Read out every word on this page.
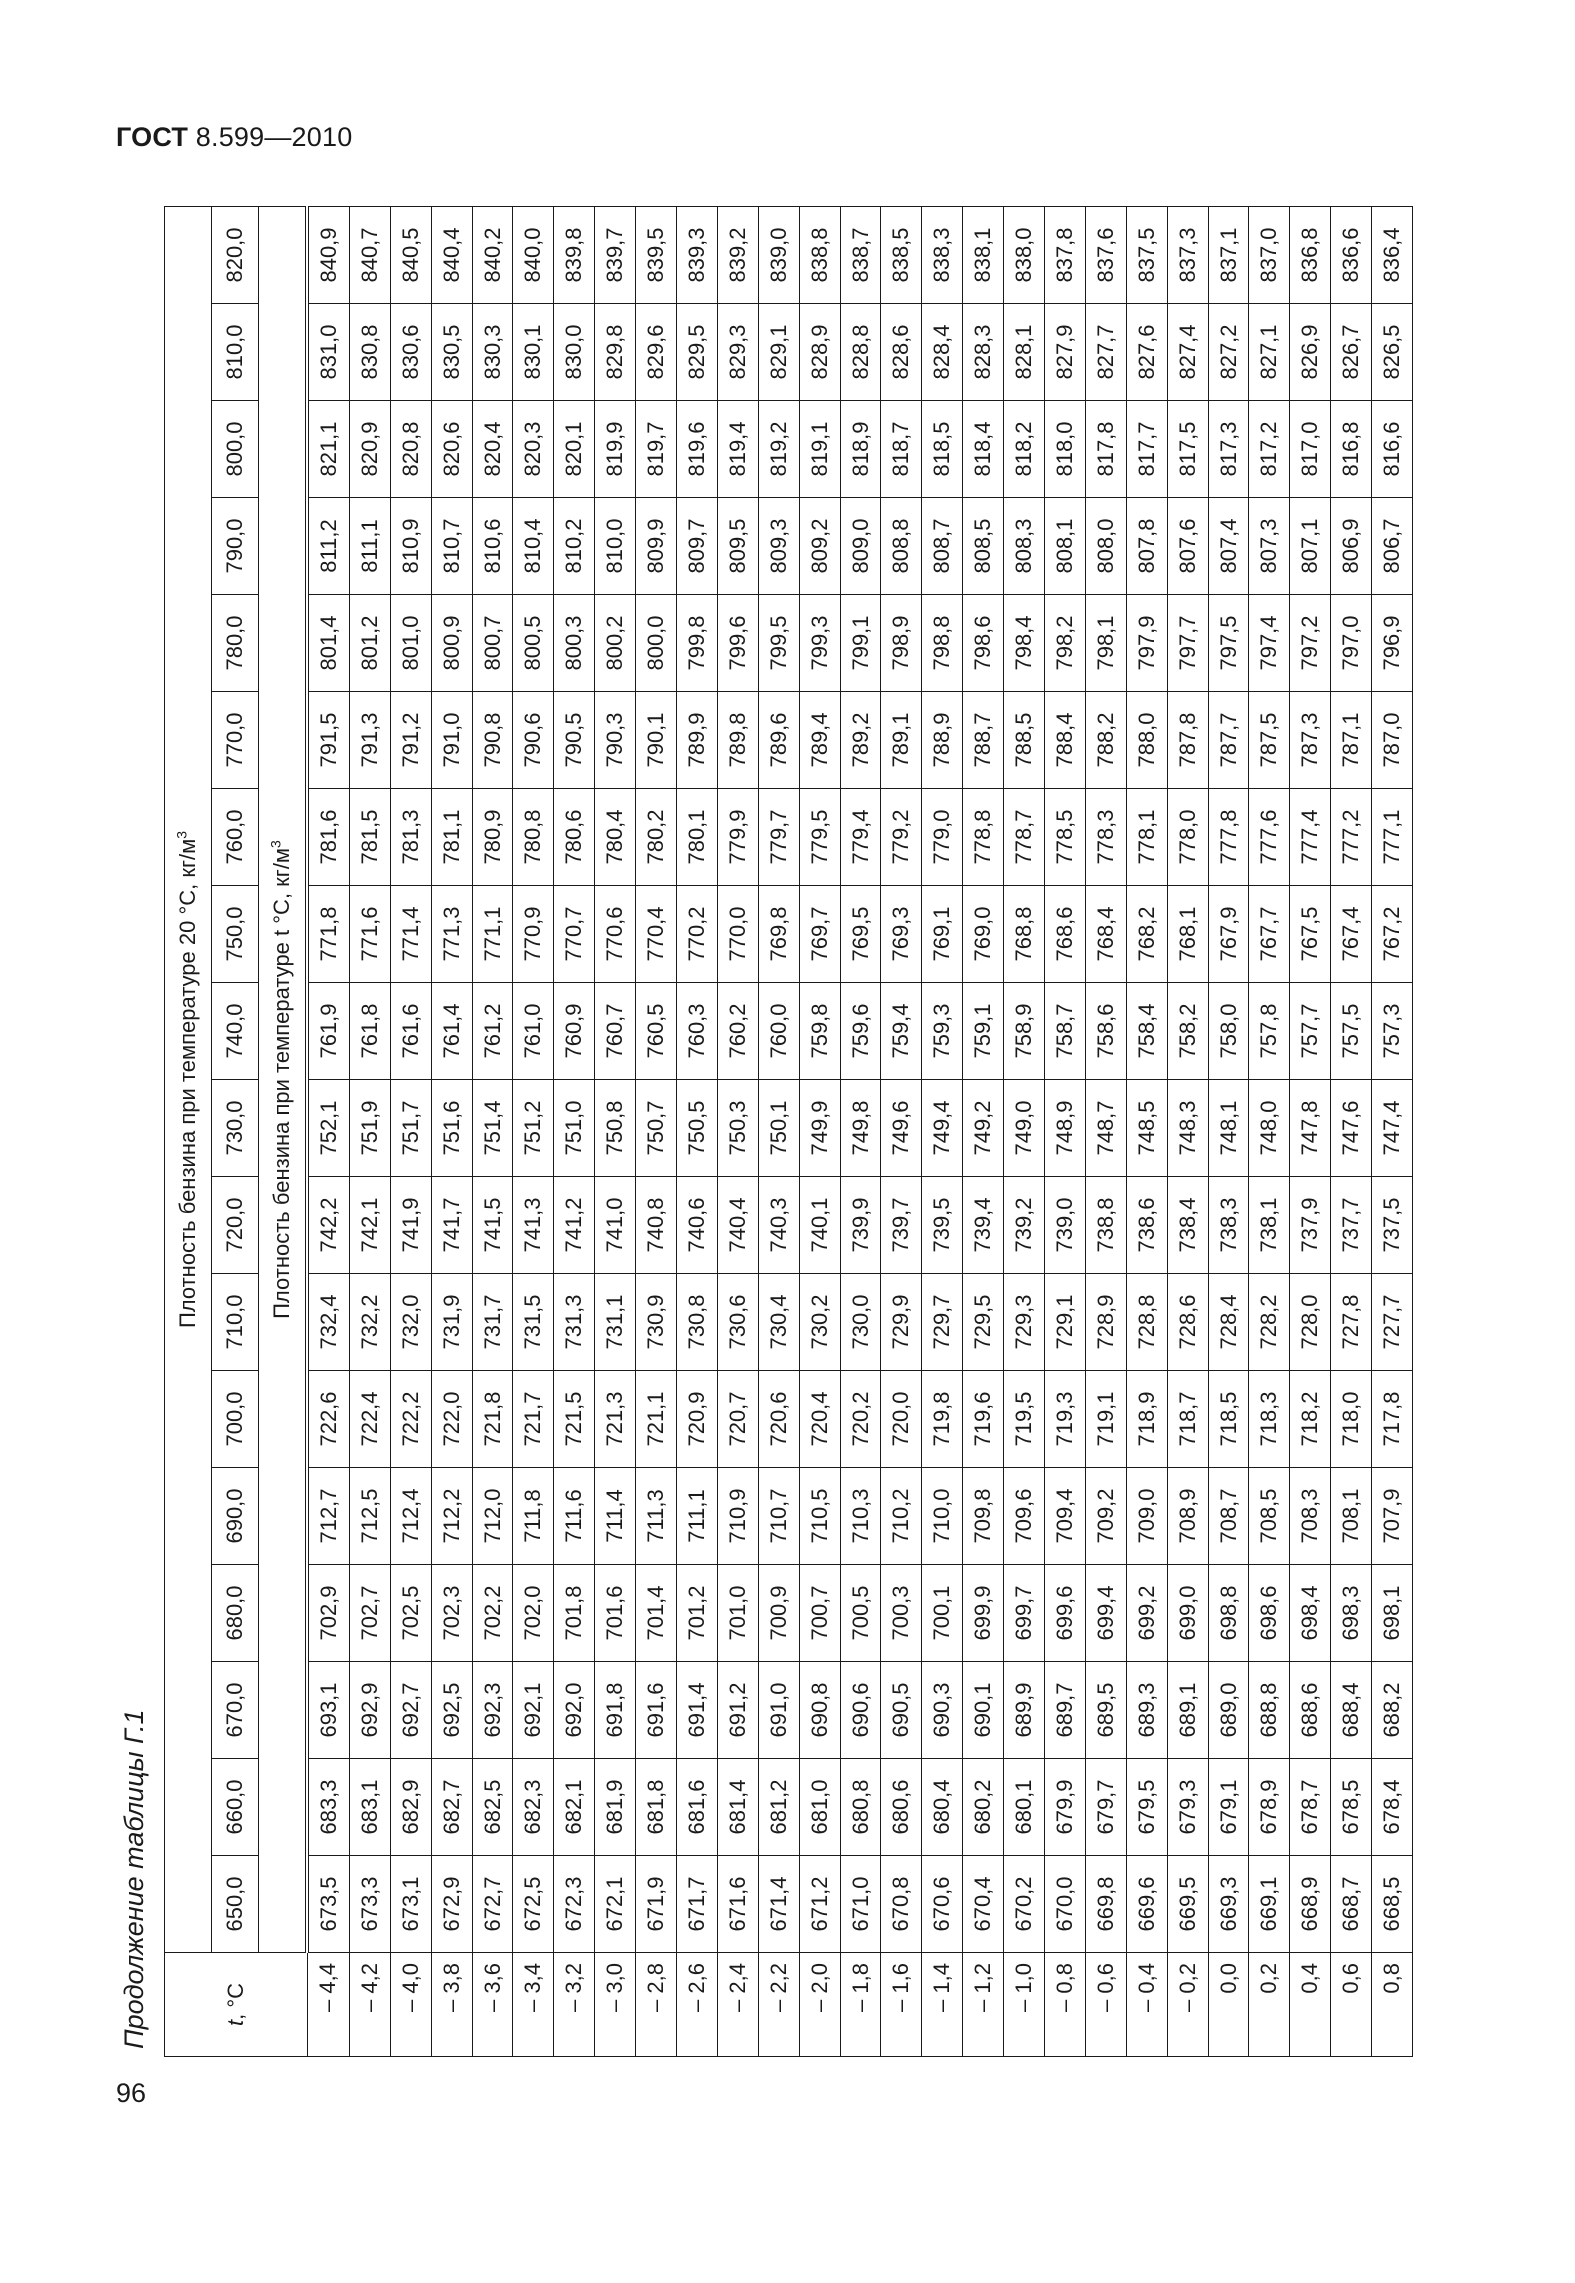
ГОСТ 8.599—2010
96
Продолжение таблицы Г.1	t, °С	Плотность бензина при температуре 20 °С, $кг/м^3$
	650,0	660,0	670,0	680,0	690,0	700,0	710,0	720,0	730,0	740,0	750,0	760,0	770,0	780,0	790,0	800,0	810,0	820,0
	Плотность бензина при температуре t °С, $кг/м^3$
– 4,4	673,5	683,3	693,1	702,9	712,7	722,6	732,4	742,2	752,1	761,9	771,8	781,6	791,5	801,4	811,2	821,1	831,0	840,9
– 4,2	673,3	683,1	692,9	702,7	712,5	722,4	732,2	742,1	751,9	761,8	771,6	781,5	791,3	801,2	811,1	820,9	830,8	840,7
– 4,0	673,1	682,9	692,7	702,5	712,4	722,2	732,0	741,9	751,7	761,6	771,4	781,3	791,2	801,0	810,9	820,8	830,6	840,5
– 3,8	672,9	682,7	692,5	702,3	712,2	722,0	731,9	741,7	751,6	761,4	771,3	781,1	791,0	800,9	810,7	820,6	830,5	840,4
– 3,6	672,7	682,5	692,3	702,2	712,0	721,8	731,7	741,5	751,4	761,2	771,1	780,9	790,8	800,7	810,6	820,4	830,3	840,2
– 3,4	672,5	682,3	692,1	702,0	711,8	721,7	731,5	741,3	751,2	761,0	770,9	780,8	790,6	800,5	810,4	820,3	830,1	840,0
– 3,2	672,3	682,1	692,0	701,8	711,6	721,5	731,3	741,2	751,0	760,9	770,7	780,6	790,5	800,3	810,2	820,1	830,0	839,8
– 3,0	672,1	681,9	691,8	701,6	711,4	721,3	731,1	741,0	750,8	760,7	770,6	780,4	790,3	800,2	810,0	819,9	829,8	839,7
– 2,8	671,9	681,8	691,6	701,4	711,3	721,1	730,9	740,8	750,7	760,5	770,4	780,2	790,1	800,0	809,9	819,7	829,6	839,5
– 2,6	671,7	681,6	691,4	701,2	711,1	720,9	730,8	740,6	750,5	760,3	770,2	780,1	789,9	799,8	809,7	819,6	829,5	839,3
– 2,4	671,6	681,4	691,2	701,0	710,9	720,7	730,6	740,4	750,3	760,2	770,0	779,9	789,8	799,6	809,5	819,4	829,3	839,2
– 2,2	671,4	681,2	691,0	700,9	710,7	720,6	730,4	740,3	750,1	760,0	769,8	779,7	789,6	799,5	809,3	819,2	829,1	839,0
– 2,0	671,2	681,0	690,8	700,7	710,5	720,4	730,2	740,1	749,9	759,8	769,7	779,5	789,4	799,3	809,2	819,1	828,9	838,8
– 1,8	671,0	680,8	690,6	700,5	710,3	720,2	730,0	739,9	749,8	759,6	769,5	779,4	789,2	799,1	809,0	818,9	828,8	838,7
– 1,6	670,8	680,6	690,5	700,3	710,2	720,0	729,9	739,7	749,6	759,4	769,3	779,2	789,1	798,9	808,8	818,7	828,6	838,5
– 1,4	670,6	680,4	690,3	700,1	710,0	719,8	729,7	739,5	749,4	759,3	769,1	779,0	788,9	798,8	808,7	818,5	828,4	838,3
– 1,2	670,4	680,2	690,1	699,9	709,8	719,6	729,5	739,4	749,2	759,1	769,0	778,8	788,7	798,6	808,5	818,4	828,3	838,1
– 1,0	670,2	680,1	689,9	699,7	709,6	719,5	729,3	739,2	749,0	758,9	768,8	778,7	788,5	798,4	808,3	818,2	828,1	838,0
– 0,8	670,0	679,9	689,7	699,6	709,4	719,3	729,1	739,0	748,9	758,7	768,6	778,5	788,4	798,2	808,1	818,0	827,9	837,8
– 0,6	669,8	679,7	689,5	699,4	709,2	719,1	728,9	738,8	748,7	758,6	768,4	778,3	788,2	798,1	808,0	817,8	827,7	837,6
– 0,4	669,6	679,5	689,3	699,2	709,0	718,9	728,8	738,6	748,5	758,4	768,2	778,1	788,0	797,9	807,8	817,7	827,6	837,5
– 0,2	669,5	679,3	689,1	699,0	708,9	718,7	728,6	738,4	748,3	758,2	768,1	778,0	787,8	797,7	807,6	817,5	827,4	837,3
0,0	669,3	679,1	689,0	698,8	708,7	718,5	728,4	738,3	748,1	758,0	767,9	777,8	787,7	797,5	807,4	817,3	827,2	837,1
0,2	669,1	678,9	688,8	698,6	708,5	718,3	728,2	738,1	748,0	757,8	767,7	777,6	787,5	797,4	807,3	817,2	827,1	837,0
0,4	668,9	678,7	688,6	698,4	708,3	718,2	728,0	737,9	747,8	757,7	767,5	777,4	787,3	797,2	807,1	817,0	826,9	836,8
0,6	668,7	678,5	688,4	698,3	708,1	718,0	727,8	737,7	747,6	757,5	767,4	777,2	787,1	797,0	806,9	816,8	826,7	836,6
0,8	668,5	678,4	688,2	698,1	707,9	717,8	727,7	737,5	747,4	757,3	767,2	777,1	787,0	796,9	806,7	816,6	826,5	836,4
